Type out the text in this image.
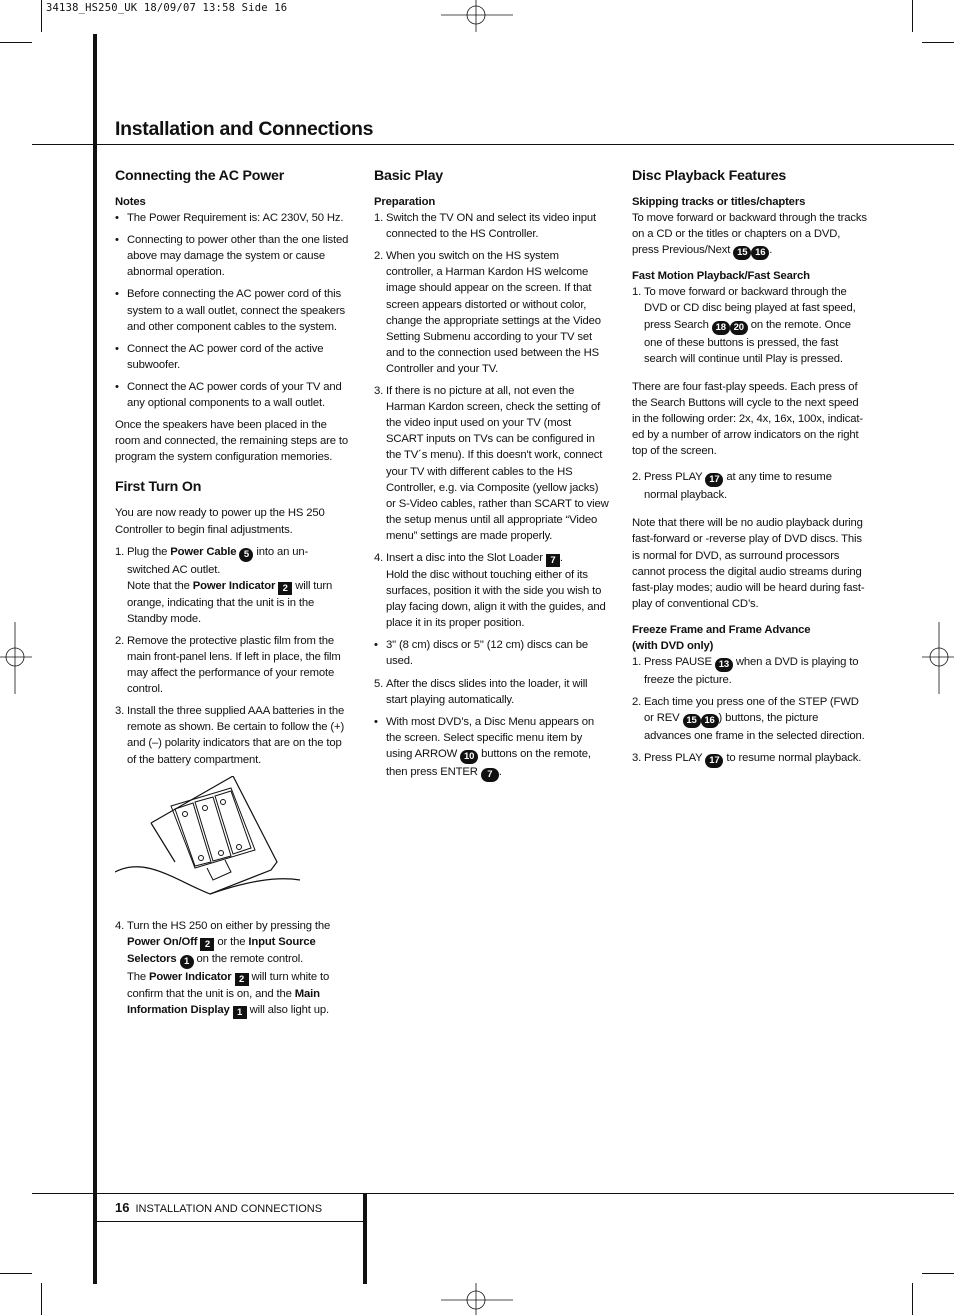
34138_HS250_UK 18/09/07 13:58 Side 16
Installation and Connections
Connecting the AC Power
Notes
• The Power Requirement is: AC 230V, 50 Hz.
• Connecting to power other than the one listed above may damage the system or cause abnormal operation.
• Before connecting the AC power cord of this system to a wall outlet, connect the speakers and other component cables to the system.
• Connect the AC power cord of the active subwoofer.
• Connect the AC power cords of your TV and any optional components to a wall outlet.

Once the speakers have been placed in the room and connected, the remaining steps are to program the system configuration memories.

First Turn On

You are now ready to power up the HS 250 Controller to begin final adjustments.

1. Plug the Power Cable 5 into an un-switched AC outlet.
Note that the Power Indicator 2 will turn orange, indicating that the unit is in the Standby mode.
2. Remove the protective plastic film from the main front-panel lens. If left in place, the film may affect the performance of your remote control.
3. Install the three supplied AAA batteries in the remote as shown. Be certain to follow the (+) and (–) polarity indicators that are on the top of the battery compartment.
4. Turn the HS 250 on either by pressing the Power On/Off 2 or the Input Source Selectors 1 on the remote control.
The Power Indicator 2 will turn white to confirm that the unit is on, and the Main Information Display 1 will also light up.
Basic Play
Preparation
1. Switch the TV ON and select its video input connected to the HS Controller.
2. When you switch on the HS system controller, a Harman Kardon HS welcome image should appear on the screen. If that screen appears distorted or without color, change the appropriate settings at the Video Setting Submenu according to your TV set and to the connection used between the HS Controller and your TV.
3. If there is no picture at all, not even the Harman Kardon screen, check the setting of the video input used on your TV (most SCART inputs on TVs can be configured in the TV´s menu). If this doesn't work, connect your TV with different cables to the HS Controller, e.g. via Composite (yellow jacks) or S-Video cables, rather than SCART to view the setup menus until all appropriate “Video menu” settings are made properly.
4. Insert a disc into the Slot Loader 7 .
Hold the disc without touching either of its surfaces, position it with the side you wish to play facing down, align it with the guides, and place it in its proper position.
• 3" (8 cm) discs or 5" (12 cm) discs can be used.
5. After the discs slides into the loader, it will start playing automatically.
• With most DVD’s, a Disc Menu appears on the screen. Select specific menu item by using ARROW 10 buttons on the remote, then press ENTER 7 .
Disc Playback Features
Skipping tracks or titles/chapters

To move forward or backward through the tracks on a CD or the titles or chapters on a DVD, press Previous/Next 15 16 .

Fast Motion Playback/Fast Search
1. To move forward or backward through the DVD or CD disc being played at fast speed, press Search 18 20 on the remote. Once one of these buttons is pressed, the fast search will continue until Play is pressed.

There are four fast-play speeds. Each press of the Search Buttons will cycle to the next speed in the following order: 2x, 4x, 16x, 100x, indicat-ed by a number of arrow indicators on the right top of the screen.

2. Press PLAY 17 at any time to resume normal playback.

Note that there will be no audio playback during fast-forward or -reverse play of DVD discs. This is normal for DVD, as surround processors cannot process the digital audio streams during fast-play modes; audio will be heard during fast-play of conventional CD’s.

Freeze Frame and Frame Advance (with DVD only)
1. Press PAUSE 13 when a DVD is playing to freeze the picture.
2. Each time you press one of the STEP (FWD or REV 15 16 ) buttons, the picture advances one frame in the selected direction.
3. Press PLAY 17 to resume normal playback.
16 INSTALLATION AND CONNECTIONS
